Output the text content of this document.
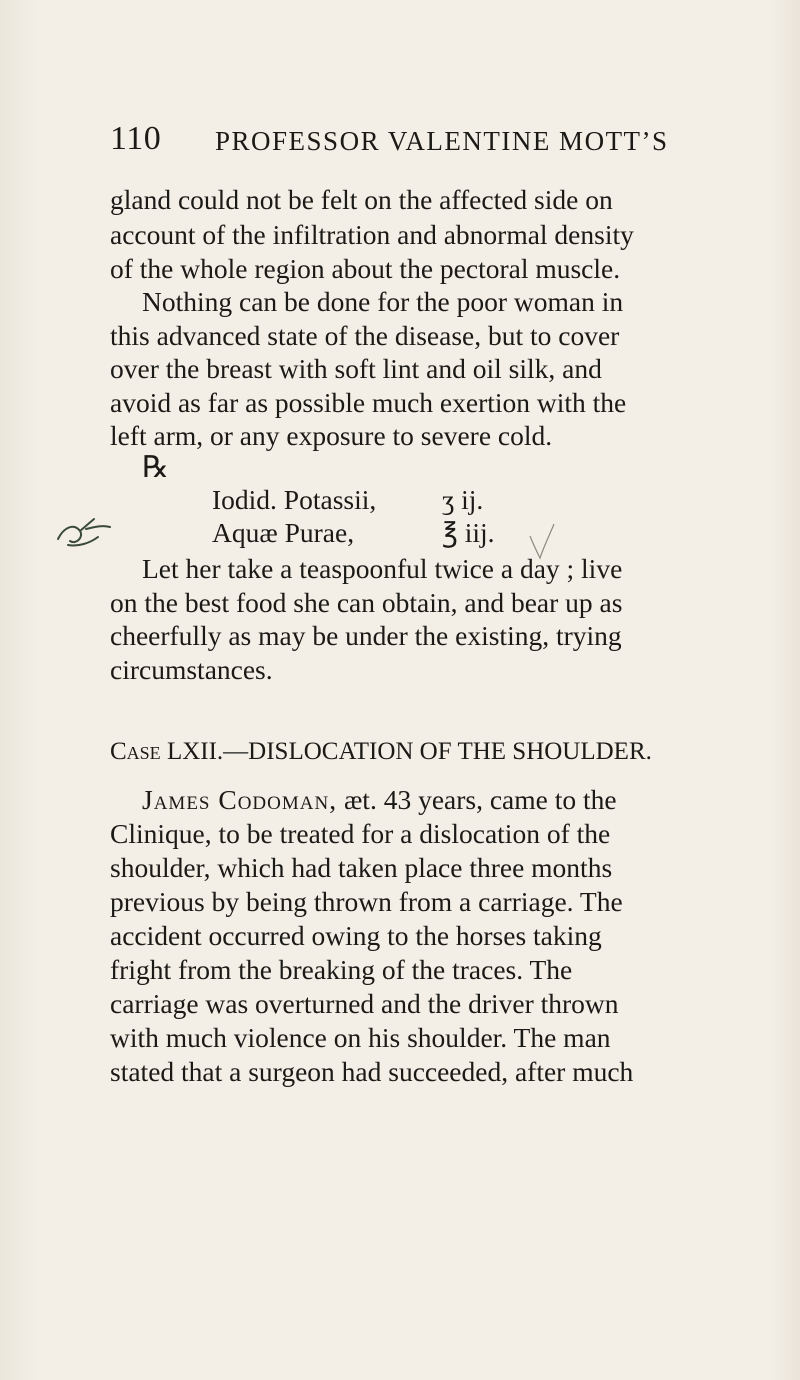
110 PROFESSOR VALENTINE MOTT’S
gland could not be felt on the affected side on
account of the infiltration and abnormal density
of the whole region about the pectoral muscle.
Nothing can be done for the poor woman in
this advanced state of the disease, but to cover
over the breast with soft lint and oil silk, and
avoid as far as possible much exertion with the
left arm, or any exposure to severe cold.
℞
Iodid. Potassii, ʒ ij.
Aquæ Purae,	℥ iij.
Let her take a teaspoonful twice a day ; live
on the best food she can obtain, and bear up as
cheerfully as may be under the existing, trying
circumstances.
Case LXII.—DISLOCATION OF THE SHOULDER.
James Codoman, æt. 43 years, came to the
Clinique, to be treated for a dislocation of the
shoulder, which had taken place three months
previous by being thrown from a carriage. The
accident occurred owing to the horses taking
fright from the breaking of the traces. The
carriage was overturned and the driver thrown
with much violence on his shoulder. The man
stated that a surgeon had succeeded, after much
